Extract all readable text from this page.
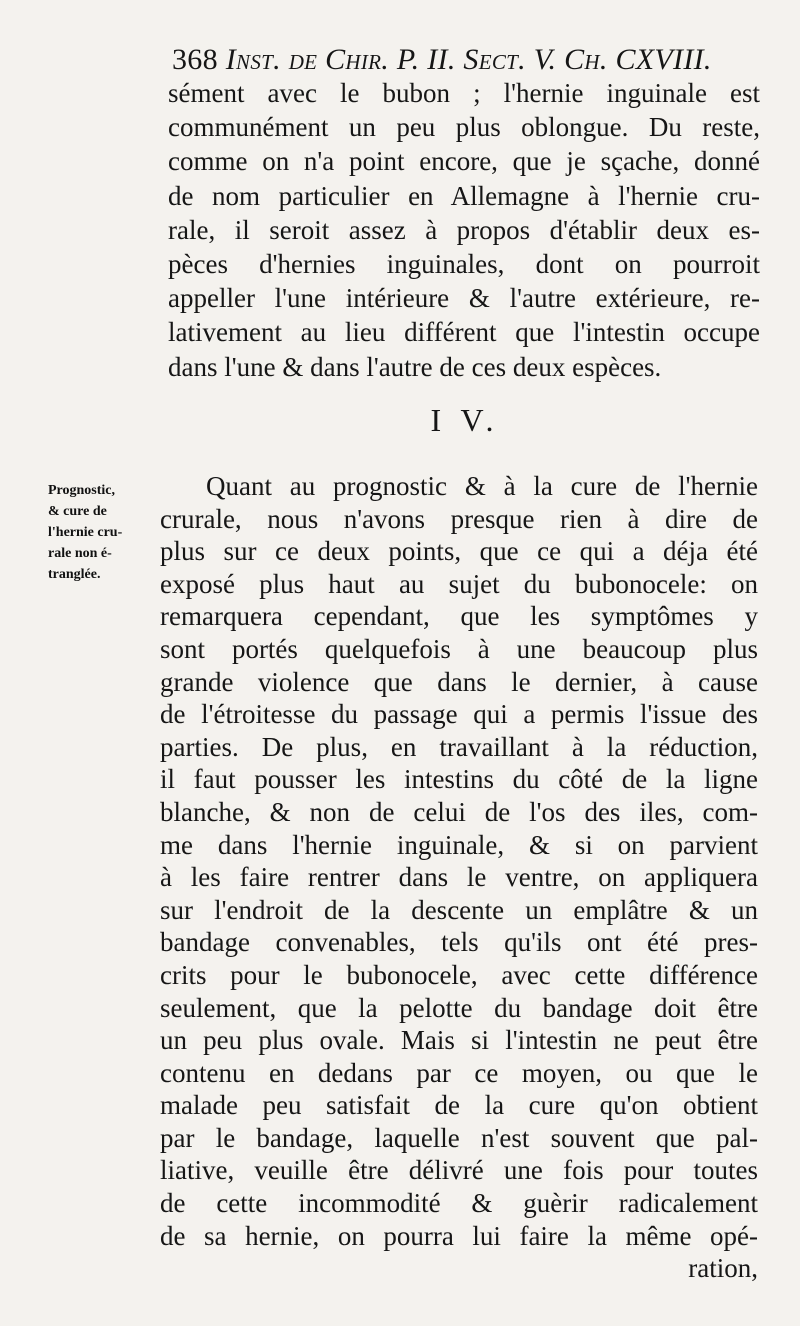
368 Inst. de Chir. P. II. Sect. V. Ch. CXVIII.
sément avec le bubon ; l'hernie inguinale est
communément un peu plus oblongue. Du reste,
comme on n'a point encore, que je sçache, donné
de nom particulier en Allemagne à l'hernie cru-
rale, il seroit assez à propos d'établir deux es-
pèces d'hernies inguinales, dont on pourroit
appeller l'une intérieure & l'autre extérieure, re-
lativement au lieu différent que l'intestin occupe
dans l'une & dans l'autre de ces deux espèces.
I V.
Prognostic,
& cure de
l'hernie cru-
rale non é-
tranglée.
Quant au prognostic & à la cure de l'hernie
crurale, nous n'avons presque rien à dire de
plus sur ce deux points, que ce qui a déja été
exposé plus haut au sujet du bubonocele: on
remarquera cependant, que les symptômes y
sont portés quelquefois à une beaucoup plus
grande violence que dans le dernier, à cause
de l'étroitesse du passage qui a permis l'issue des
parties. De plus, en travaillant à la réduction,
il faut pousser les intestins du côté de la ligne
blanche, & non de celui de l'os des iles, com-
me dans l'hernie inguinale, & si on parvient
à les faire rentrer dans le ventre, on appliquera
sur l'endroit de la descente un emplâtre & un
bandage convenables, tels qu'ils ont été pres-
crits pour le bubonocele, avec cette différence
seulement, que la pelotte du bandage doit être
un peu plus ovale. Mais si l'intestin ne peut être
contenu en dedans par ce moyen, ou que le
malade peu satisfait de la cure qu'on obtient
par le bandage, laquelle n'est souvent que pal-
liative, veuille être délivré une fois pour toutes
de cette incommodité & guèrir radicalement
de sa hernie, on pourra lui faire la même opé-
ration,
